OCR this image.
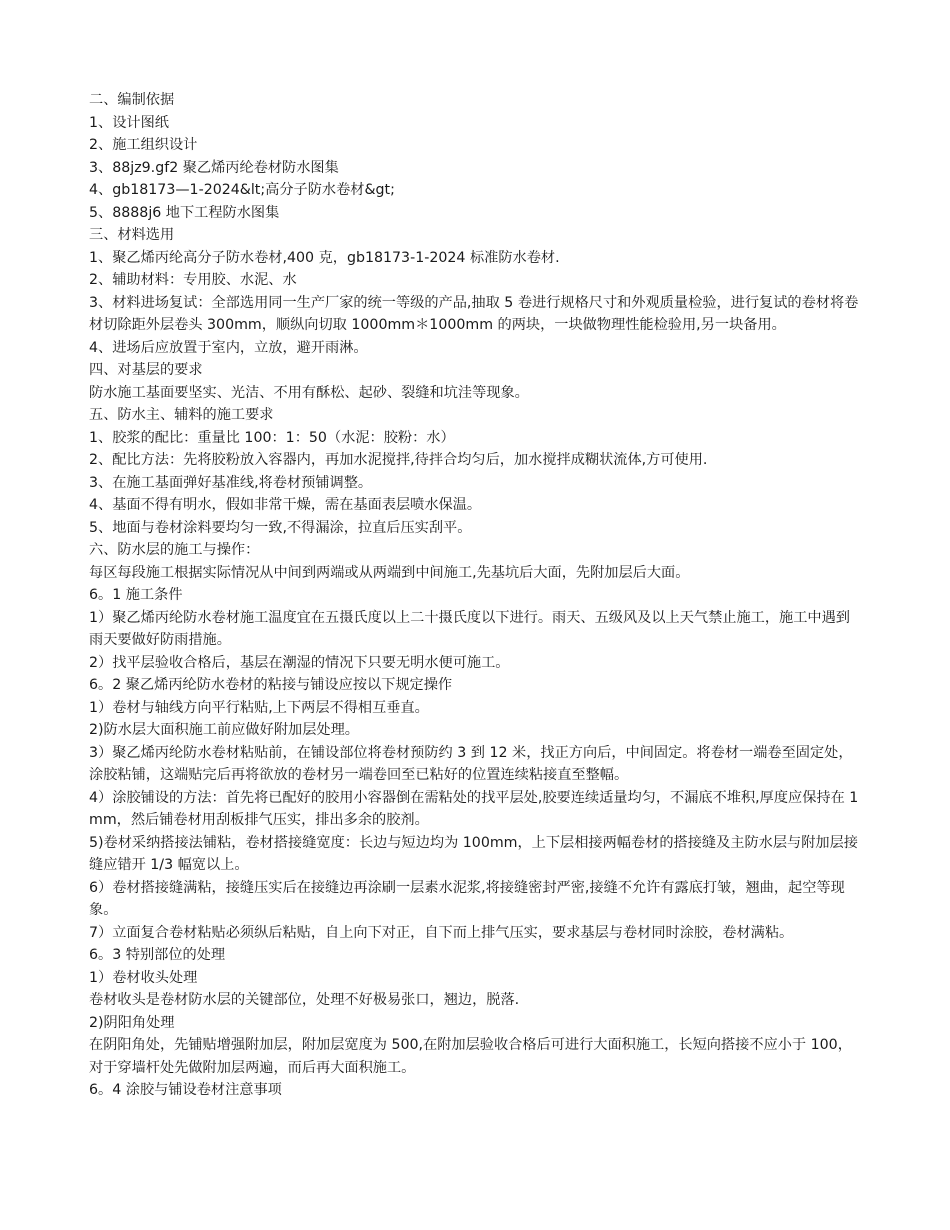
二、编制依据

1、设计图纸

2、施工组织设计

3、88jz9.gf2 聚乙烯丙纶卷材防水图集

4、gb18173—1-2024&lt;高分子防水卷材&gt;

5、8888j6 地下工程防水图集

三、材料选用

1、聚乙烯丙纶高分子防水卷材,400 克，gb18173-1-2024 标准防水卷材.

2、辅助材料：专用胶、水泥、水

3、材料进场复试：全部选用同一生产厂家的统一等级的产品,抽取 5 卷进行规格尺寸和外观质量检验，进行复试的卷材将卷材切除距外层卷头 300mm，顺纵向切取 1000mm＊1000mm 的两块，一块做物理性能检验用,另一块备用。

4、进场后应放置于室内，立放，避开雨淋。

四、对基层的要求

防水施工基面要坚实、光洁、不用有酥松、起砂、裂缝和坑洼等现象。

五、防水主、辅料的施工要求

1、胶浆的配比：重量比 100：1：50（水泥：胶粉：水）

2、配比方法：先将胶粉放入容器内，再加水泥搅拌,待拌合均匀后，加水搅拌成糊状流体,方可使用.

3、在施工基面弹好基准线,将卷材预铺调整。

4、基面不得有明水，假如非常干燥，需在基面表层喷水保温。

5、地面与卷材涂料要均匀一致,不得漏涂，拉直后压实刮平。

六、防水层的施工与操作：

每区每段施工根据实际情况从中间到两端或从两端到中间施工,先基坑后大面，先附加层后大面。

6。1 施工条件

1）聚乙烯丙纶防水卷材施工温度宜在五摄氏度以上二十摄氏度以下进行。雨天、五级风及以上天气禁止施工，施工中遇到雨天要做好防雨措施。

2）找平层验收合格后，基层在潮湿的情况下只要无明水便可施工。

6。2 聚乙烯丙纶防水卷材的粘接与铺设应按以下规定操作

1）卷材与轴线方向平行粘贴,上下两层不得相互垂直。

2)防水层大面积施工前应做好附加层处理。

3）聚乙烯丙纶防水卷材粘贴前，在铺设部位将卷材预防约 3 到 12 米，找正方向后，中间固定。将卷材一端卷至固定处，涂胶粘铺，这端贴完后再将欲放的卷材另一端卷回至已粘好的位置连续粘接直至整幅。

4）涂胶铺设的方法：首先将已配好的胶用小容器倒在需粘处的找平层处,胶要连续适量均匀，不漏底不堆积,厚度应保持在 1mm，然后铺卷材用刮板排气压实，排出多余的胶剂。

5)卷材采纳搭接法铺粘，卷材搭接缝宽度：长边与短边均为 100mm，上下层相接两幅卷材的搭接缝及主防水层与附加层接缝应错开 1/3 幅宽以上。

6）卷材搭接缝满粘，接缝压实后在接缝边再涂刷一层素水泥浆,将接缝密封严密,接缝不允许有露底打皱，翘曲，起空等现象。

7）立面复合卷材粘贴必须纵后粘贴，自上向下对正，自下而上排气压实，要求基层与卷材同时涂胶，卷材满粘。

6。3 特别部位的处理

1）卷材收头处理

卷材收头是卷材防水层的关键部位，处理不好极易张口，翘边，脱落.

2)阴阳角处理

在阴阳角处，先铺贴增强附加层，附加层宽度为 500,在附加层验收合格后可进行大面积施工，长短向搭接不应小于 100，对于穿墙杆处先做附加层两遍，而后再大面积施工。

6。4 涂胶与铺设卷材注意事项
